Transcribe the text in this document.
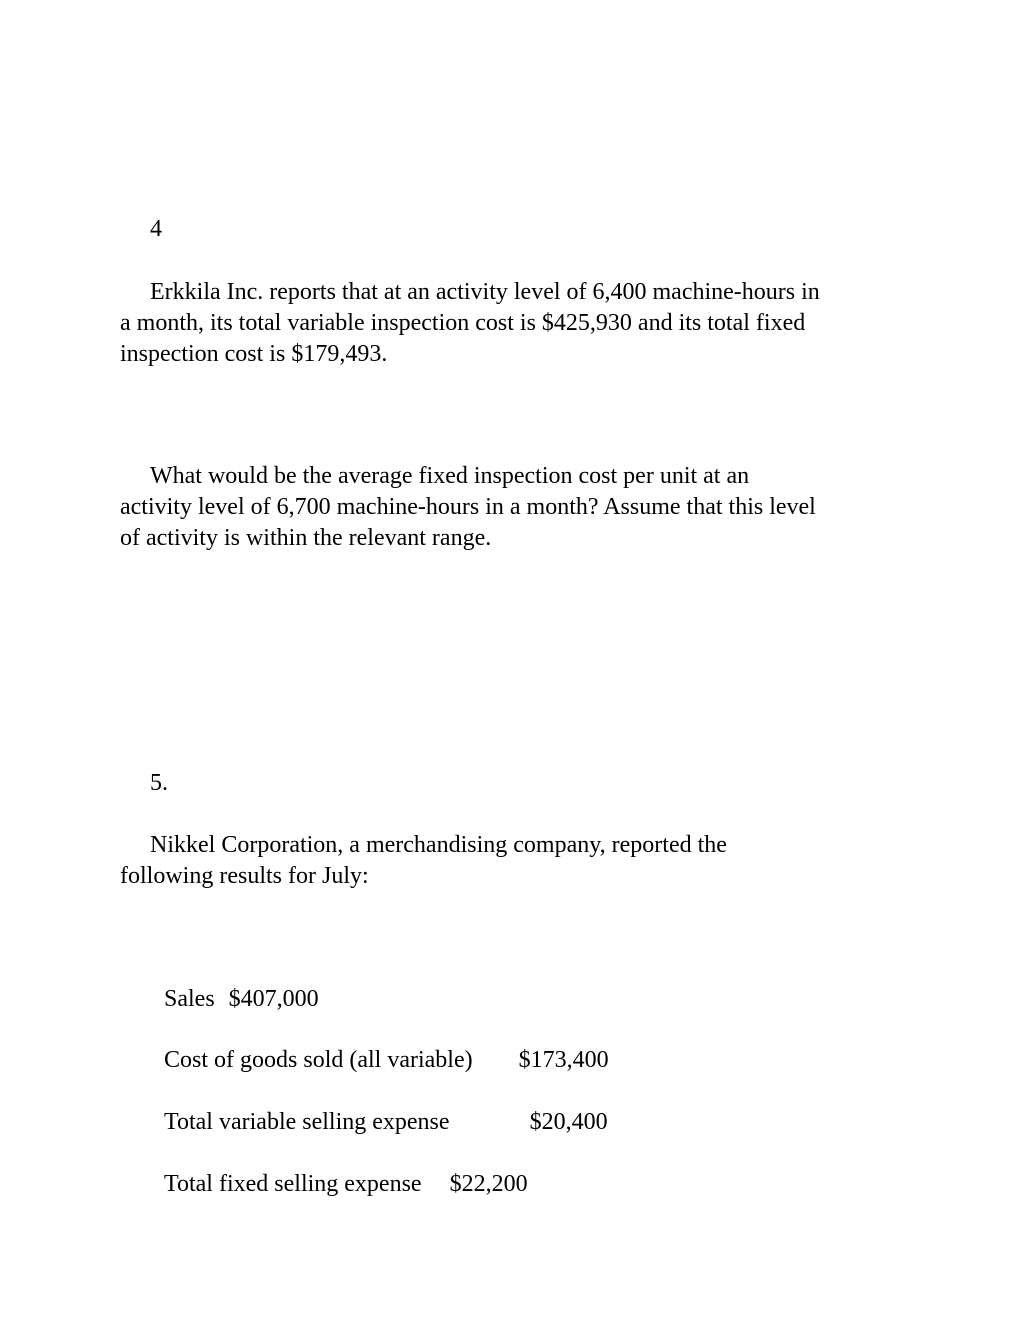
4

Erkkila Inc. reports that at an activity level of 6,400 machine-hours in
a month, its total variable inspection cost is $425,930 and its total fixed
inspection cost is $179,493.

What would be the average fixed inspection cost per unit at an
activity level of 6,700 machine-hours in a month? Assume that this level
of activity is within the relevant range.

5.

Nikkel Corporation, a merchandising company, reported the
following results for July:

Sales $407,000
Cost of goods sold (all variable) $173,400
Total variable selling expense	$20,400
Total fixed selling expense $22,200
